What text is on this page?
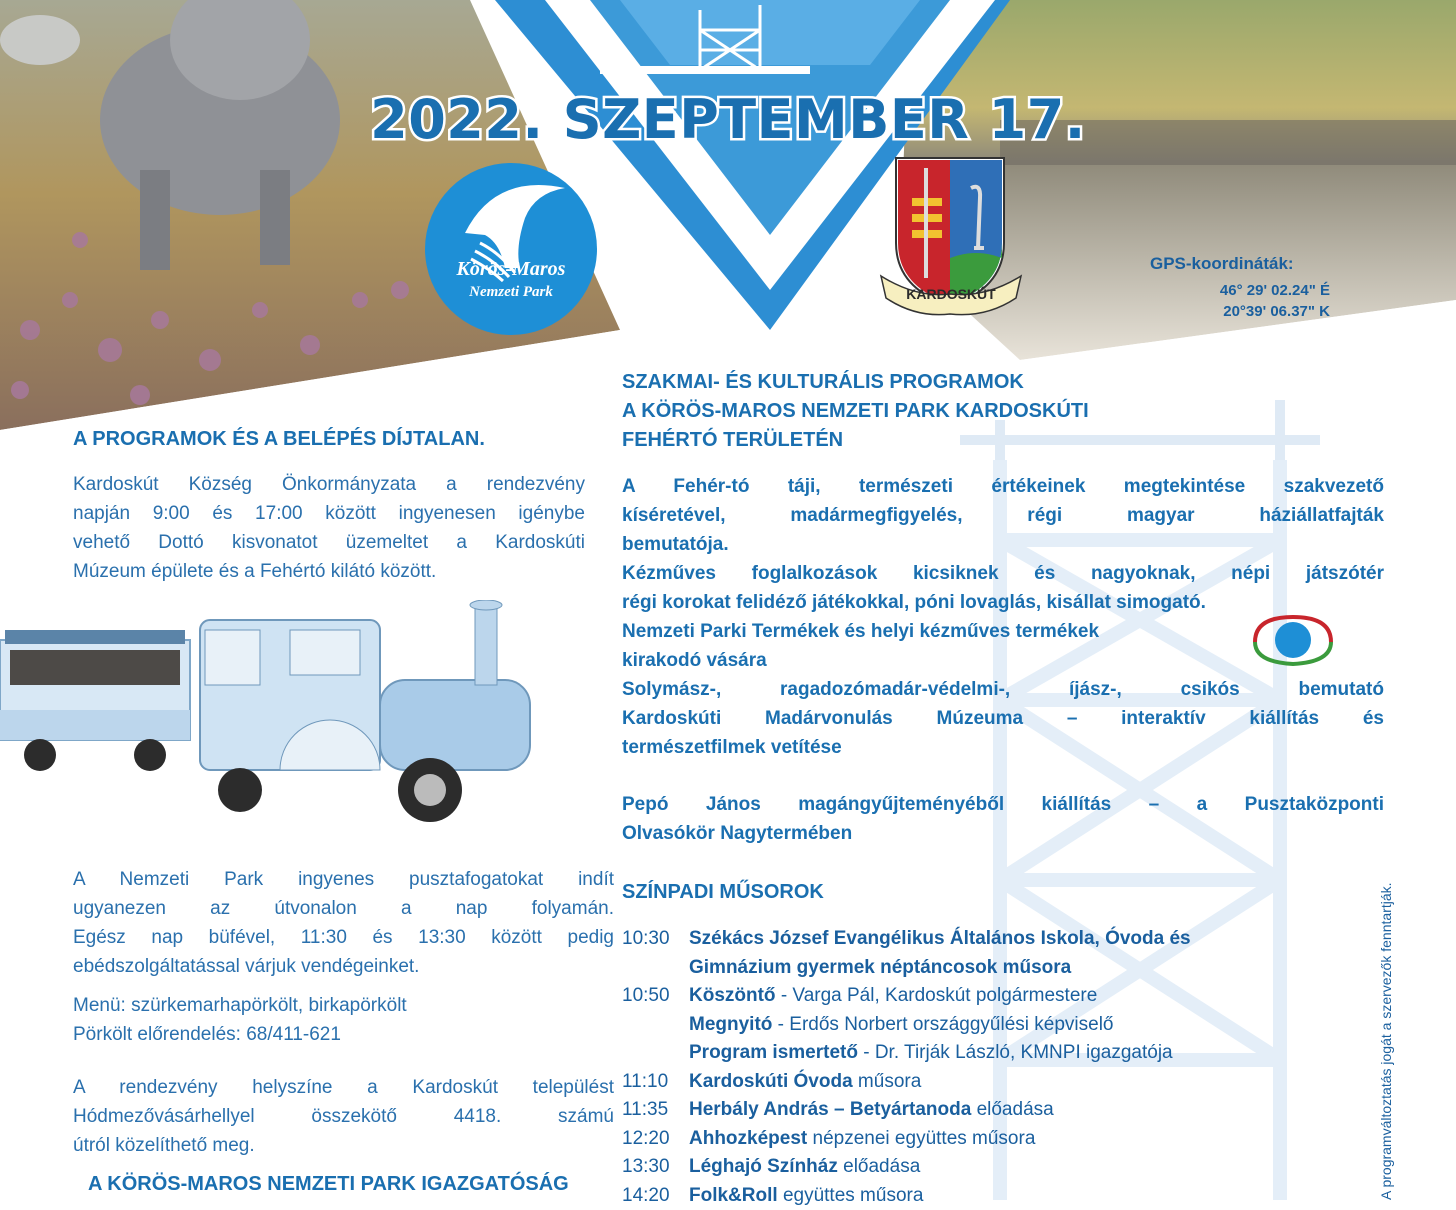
2022. SZEPTEMBER 17.
Körös-Maros
Nemzeti Park	KARDOSKÚT
GPS-koordináták:
46° 29' 02.24" É
20°39' 06.37" K
A PROGRAMOK ÉS A BELÉPÉS DÍJTALAN.
Kardoskút Község Önkormányzata a rendezvény
napján 9:00 és 17:00 között ingyenesen igénybe
vehető Dottó kisvonatot üzemeltet a Kardoskúti
Múzeum épülete és a Fehértó kilátó között.
A Nemzeti Park ingyenes pusztafogatokat indít
ugyanezen az útvonalon a nap folyamán.
Egész nap büfével, 11:30 és 13:30 között pedig
ebédszolgáltatással várjuk vendégeinket.
Menü: szürkemarhapörkölt, birkapörkölt
Pörkölt előrendelés: 68/411-621
A rendezvény helyszíne a Kardoskút települést
Hódmezővásárhellyel összekötő 4418. számú
útról közelíthető meg.
A KÖRÖS-MAROS NEMZETI PARK IGAZGATÓSÁG
SZAKMAI- ÉS KULTURÁLIS PROGRAMOK
A KÖRÖS-MAROS NEMZETI PARK KARDOSKÚTI
FEHÉRTÓ TERÜLETÉN
A Fehér-tó táji, természeti értékeinek megtekintése szakvezető
kíséretével, madármegfigyelés, régi magyar háziállatfajták
bemutatója.
Kézműves foglalkozások kicsiknek és nagyoknak, népi játszótér
régi korokat felidéző játékokkal, póni lovaglás, kisállat simogató.
Nemzeti Parki Termékek és helyi kézműves termékek
kirakodó vására
Solymász-, ragadozómadár-védelmi-, íjász-, csikós bemutató
Kardoskúti Madárvonulás Múzeuma – interaktív kiállítás és
természetfilmek vetítése
Pepó János magángyűjteményéből kiállítás – a Pusztaközponti
Olvasókör Nagytermében
SZÍNPADI MŰSOROK
10:30	Székács József Evangélikus Általános Iskola, Óvoda és
Gimnázium gyermek néptáncosok műsora
10:50	Köszöntő - Varga Pál, Kardoskút polgármestere
Megnyitó - Erdős Norbert országgyűlési képviselő
Program ismertető - Dr. Tirják László, KMNPI igazgatója
11:10	Kardoskúti Óvoda műsora
11:35	Herbály András – Betyártanoda előadása
12:20	Ahhozképest népzenei együttes műsora
13:30	Léghajó Színház előadása
14:20	Folk&Roll együttes műsora	A programváltoztatás jogát a szervezők fenntartják.
